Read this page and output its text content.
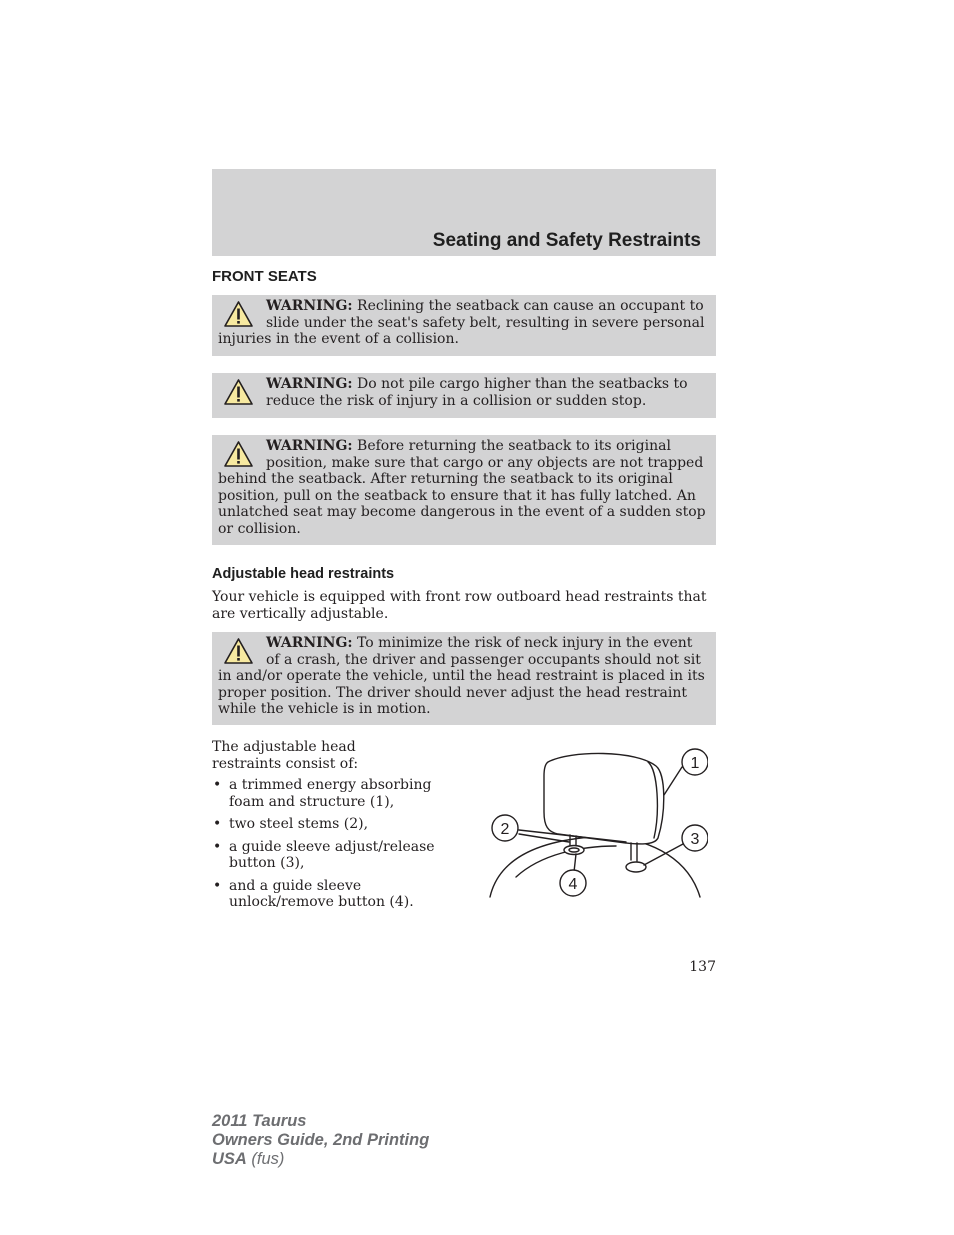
Seating and Safety Restraints
FRONT SEATS
WARNING: Reclining the seatback can cause an occupant to slide under the seat's safety belt, resulting in severe personal injuries in the event of a collision.
WARNING: Do not pile cargo higher than the seatbacks to reduce the risk of injury in a collision or sudden stop.
WARNING: Before returning the seatback to its original position, make sure that cargo or any objects are not trapped behind the seatback. After returning the seatback to its original position, pull on the seatback to ensure that it has fully latched. An unlatched seat may become dangerous in the event of a sudden stop or collision.
Adjustable head restraints
Your vehicle is equipped with front row outboard head restraints that are vertically adjustable.
WARNING: To minimize the risk of neck injury in the event of a crash, the driver and passenger occupants should not sit in and/or operate the vehicle, until the head restraint is placed in its proper position. The driver should never adjust the head restraint while the vehicle is in motion.
The adjustable head restraints consist of:
• a trimmed energy absorbing foam and structure (1),
• two steel stems (2),
• a guide sleeve adjust/release button (3),
• and a guide sleeve unlock/remove button (4).
1
2
3
4
137
2011 Taurus
Owners Guide, 2nd Printing
USA (fus)
